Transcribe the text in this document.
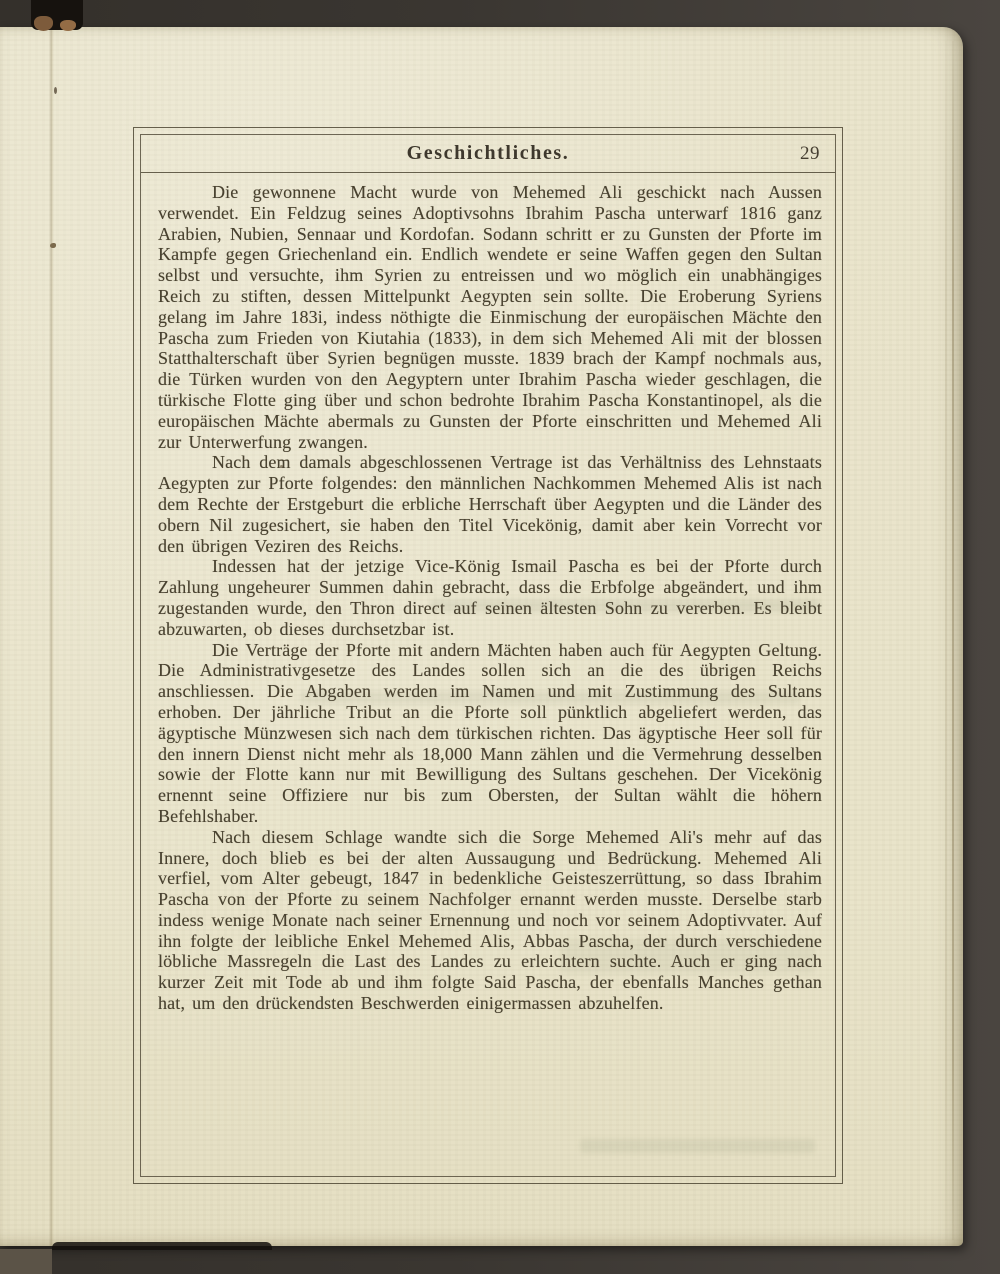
Geschichtliches.	29

Die gewonnene Macht wurde von Mehemed Ali geschickt nach Aussen verwendet. Ein Feldzug seines Adoptivsohns Ibrahim Pascha unterwarf 1816 ganz Arabien, Nubien, Sennaar und Kordofan. Sodann schritt er zu Gunsten der Pforte im Kampfe gegen Griechenland ein. Endlich wendete er seine Waffen gegen den Sultan selbst und versuchte, ihm Syrien zu entreissen und wo möglich ein unabhängiges Reich zu stiften, dessen Mittelpunkt Aegypten sein sollte. Die Eroberung Syriens gelang im Jahre 183i, indess nöthigte die Einmischung der europäischen Mächte den Pascha zum Frieden von Kiutahia (1833), in dem sich Mehemed Ali mit der blossen Statthalterschaft über Syrien begnügen musste. 1839 brach der Kampf nochmals aus, die Türken wurden von den Aegyptern unter Ibrahim Pascha wieder geschlagen, die türkische Flotte ging über und schon bedrohte Ibrahim Pascha Konstantinopel, als die europäischen Mächte abermals zu Gunsten der Pforte einschritten und Mehemed Ali zur Unterwerfung zwangen.

Nach dem damals abgeschlossenen Vertrage ist das Verhältniss des Lehnstaats Aegypten zur Pforte folgendes: den männlichen Nachkommen Mehemed Alis ist nach dem Rechte der Erstgeburt die erbliche Herrschaft über Aegypten und die Länder des obern Nil zugesichert, sie haben den Titel Vicekönig, damit aber kein Vorrecht vor den übrigen Veziren des Reichs.

Indessen hat der jetzige Vice-König Ismail Pascha es bei der Pforte durch Zahlung ungeheurer Summen dahin gebracht, dass die Erbfolge abgeändert, und ihm zugestanden wurde, den Thron direct auf seinen ältesten Sohn zu vererben. Es bleibt abzuwarten, ob dieses durchsetzbar ist.

Die Verträge der Pforte mit andern Mächten haben auch für Aegypten Geltung. Die Administrativgesetze des Landes sollen sich an die des übrigen Reichs anschliessen. Die Abgaben werden im Namen und mit Zustimmung des Sultans erhoben. Der jährliche Tribut an die Pforte soll pünktlich abgeliefert werden, das ägyptische Münzwesen sich nach dem türkischen richten. Das ägyptische Heer soll für den innern Dienst nicht mehr als 18,000 Mann zählen und die Vermehrung desselben sowie der Flotte kann nur mit Bewilligung des Sultans geschehen. Der Vicekönig ernennt seine Offiziere nur bis zum Obersten, der Sultan wählt die höhern Befehlshaber.

Nach diesem Schlage wandte sich die Sorge Mehemed Ali's mehr auf das Innere, doch blieb es bei der alten Aussaugung und Bedrückung. Mehemed Ali verfiel, vom Alter gebeugt, 1847 in bedenkliche Geisteszerrüttung, so dass Ibrahim Pascha von der Pforte zu seinem Nachfolger ernannt werden musste. Derselbe starb indess wenige Monate nach seiner Ernennung und noch vor seinem Adoptivvater. Auf ihn folgte der leibliche Enkel Mehemed Alis, Abbas Pascha, der durch verschiedene löbliche Massregeln die Last des Landes zu erleichtern suchte. Auch er ging nach kurzer Zeit mit Tode ab und ihm folgte Said Pascha, der ebenfalls Manches gethan hat, um den drückendsten Beschwerden einigermassen abzuhelfen.
